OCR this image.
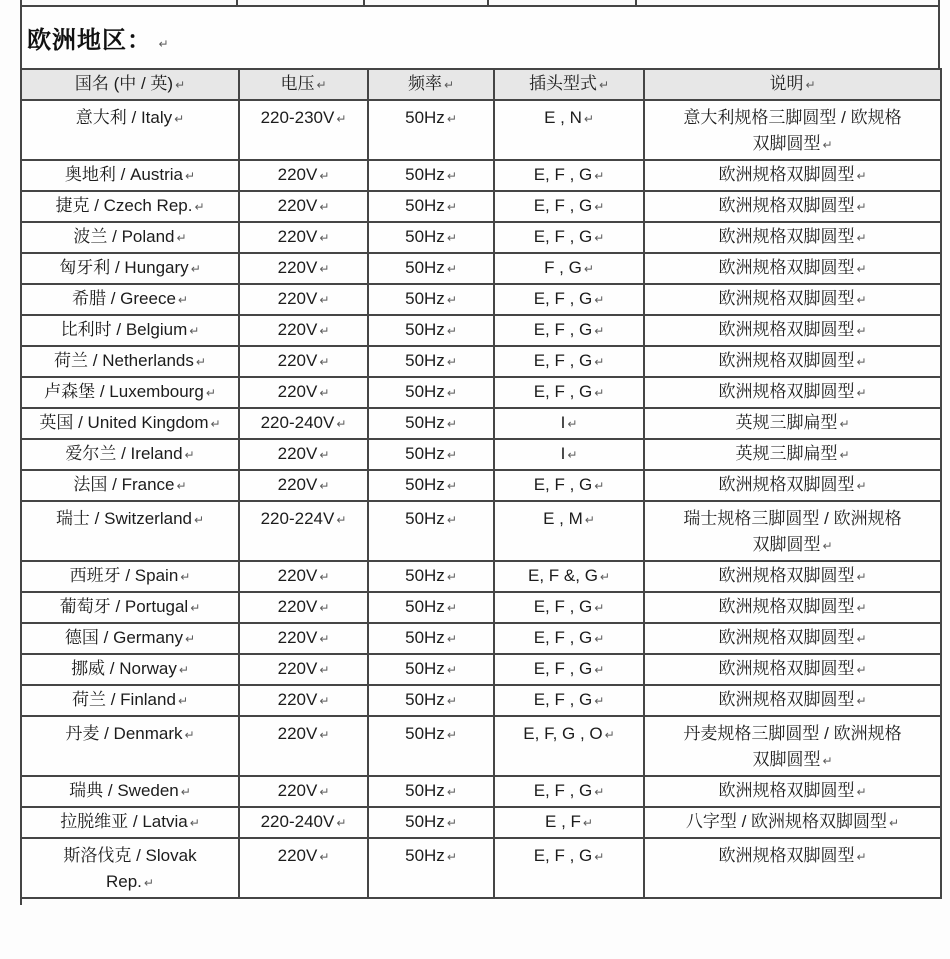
欧洲地区： ↵
国名 (中 / 英) ↵	电压 ↵	频率 ↵	插头型式 ↵	说明 ↵
意大利 / Italy ↵	220-230V ↵	50Hz ↵	E , N ↵	意大利规格三脚圆型 / 欧规格
双脚圆型 ↵
奥地利 / Austria ↵	220V ↵	50Hz ↵	E, F , G ↵	欧洲规格双脚圆型 ↵
捷克 / Czech Rep. ↵	220V ↵	50Hz ↵	E, F , G ↵	欧洲规格双脚圆型 ↵
波兰 / Poland ↵	220V ↵	50Hz ↵	E, F , G ↵	欧洲规格双脚圆型 ↵
匈牙利 / Hungary ↵	220V ↵	50Hz ↵	F , G ↵	欧洲规格双脚圆型 ↵
希腊 / Greece ↵	220V ↵	50Hz ↵	E, F , G ↵	欧洲规格双脚圆型 ↵
比利时 / Belgium ↵	220V ↵	50Hz ↵	E, F , G ↵	欧洲规格双脚圆型 ↵
荷兰 / Netherlands ↵	220V ↵	50Hz ↵	E, F , G ↵	欧洲规格双脚圆型 ↵
卢森堡 / Luxembourg ↵	220V ↵	50Hz ↵	E, F , G ↵	欧洲规格双脚圆型 ↵
英国 / United Kingdom ↵	220-240V ↵	50Hz ↵	I ↵	英规三脚扁型 ↵
爱尔兰 / Ireland ↵	220V ↵	50Hz ↵	I ↵	英规三脚扁型 ↵
法国 / France ↵	220V ↵	50Hz ↵	E, F , G ↵	欧洲规格双脚圆型 ↵
瑞士 / Switzerland ↵	220-224V ↵	50Hz ↵	E , M ↵	瑞士规格三脚圆型 / 欧洲规格
双脚圆型 ↵
西班牙 / Spain ↵	220V ↵	50Hz ↵	E, F &, G ↵	欧洲规格双脚圆型 ↵
葡萄牙 / Portugal ↵	220V ↵	50Hz ↵	E, F , G ↵	欧洲规格双脚圆型 ↵
德国 / Germany ↵	220V ↵	50Hz ↵	E, F , G ↵	欧洲规格双脚圆型 ↵
挪威 / Norway ↵	220V ↵	50Hz ↵	E, F , G ↵	欧洲规格双脚圆型 ↵
荷兰 / Finland ↵	220V ↵	50Hz ↵	E, F , G ↵	欧洲规格双脚圆型 ↵
丹麦 / Denmark ↵	220V ↵	50Hz ↵	E, F, G , O ↵	丹麦规格三脚圆型 / 欧洲规格
双脚圆型 ↵
瑞典 / Sweden ↵	220V ↵	50Hz ↵	E, F , G ↵	欧洲规格双脚圆型 ↵
拉脱维亚 / Latvia ↵	220-240V ↵	50Hz ↵	E , F ↵	八字型 / 欧洲规格双脚圆型 ↵
斯洛伐克 / Slovak
Rep. ↵	220V ↵	50Hz ↵	E, F , G ↵	欧洲规格双脚圆型 ↵
